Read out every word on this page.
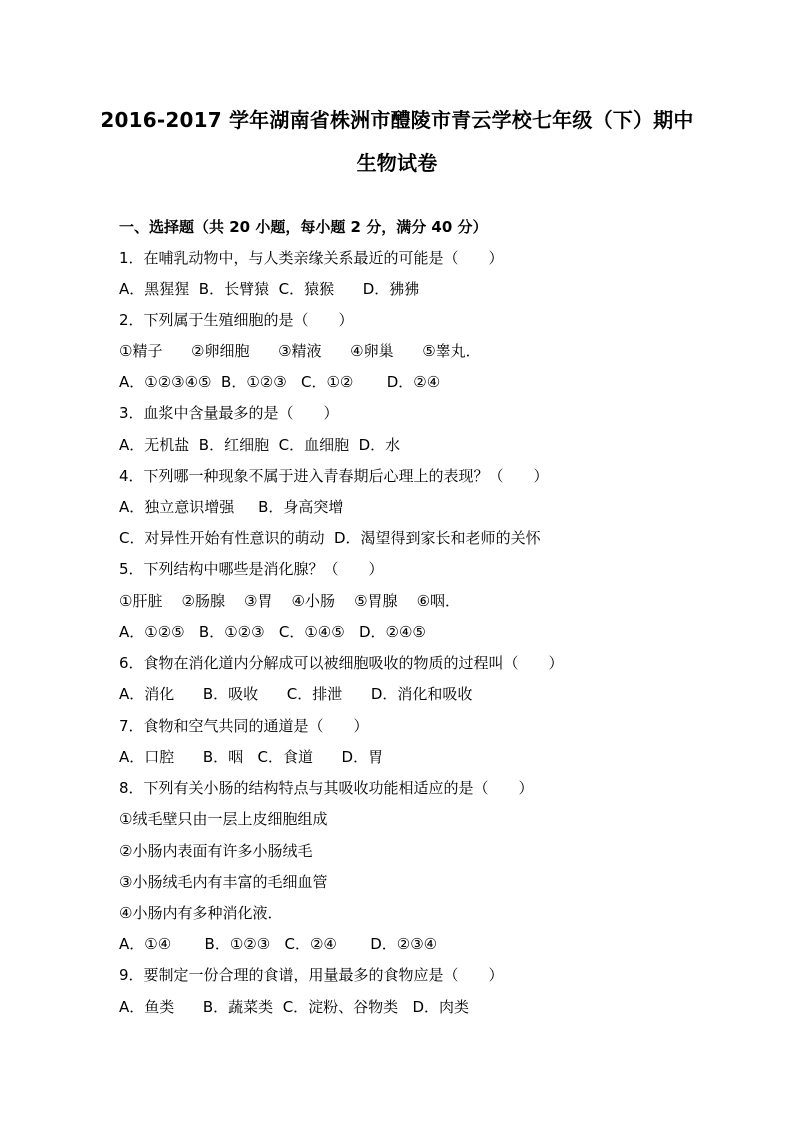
2016-2017 学年湖南省株洲市醴陵市青云学校七年级（下）期中
生物试卷
一、选择题（共 20 小题，每小题 2 分，满分 40 分）
1．在哺乳动物中，与人类亲缘关系最近的可能是（　　）
A．黑猩猩  B．长臂猿  C．猿猴      D．狒狒
2．下列属于生殖细胞的是（　　）
①精子      ②卵细胞      ③精液      ④卵巢      ⑤睾丸．
A．①②③④⑤  B．①②③   C．①②       D．②④
3．血浆中含量最多的是（　　）
A．无机盐  B．红细胞  C．血细胞  D．水
4．下列哪一种现象不属于进入青春期后心理上的表现？（　　）
A．独立意识增强     B．身高突增
C．对异性开始有性意识的萌动  D．渴望得到家长和老师的关怀
5．下列结构中哪些是消化腺？（　　）
①肝脏    ②肠腺    ③胃    ④小肠    ⑤胃腺    ⑥咽．
A．①②⑤   B．①②③   C．①④⑤   D．②④⑤
6．食物在消化道内分解成可以被细胞吸收的物质的过程叫（　　）
A．消化      B．吸收      C．排泄      D．消化和吸收
7．食物和空气共同的通道是（　　）
A．口腔      B．咽   C．食道      D．胃
8．下列有关小肠的结构特点与其吸收功能相适应的是（　　）
①绒毛壁只由一层上皮细胞组成
②小肠内表面有许多小肠绒毛
③小肠绒毛内有丰富的毛细血管
④小肠内有多种消化液．
A．①④       B．①②③   C．②④       D．②③④
9．要制定一份合理的食谱，用量最多的食物应是（　　）
A．鱼类      B．蔬菜类  C．淀粉、谷物类   D．肉类
